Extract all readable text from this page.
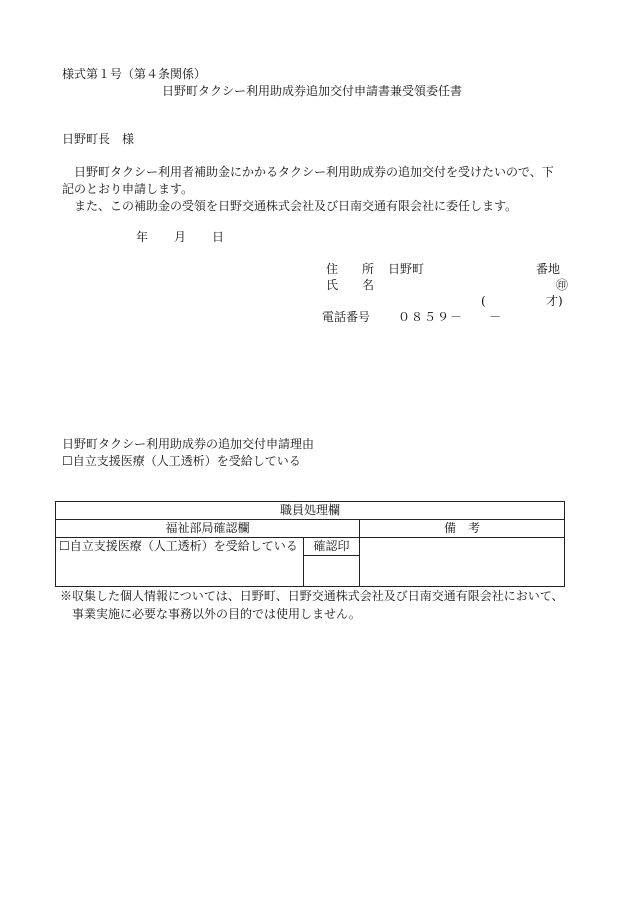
様式第１号（第４条関係）
日野町タクシー利用助成券追加交付申請書兼受領委任書
日野町長　様
日野町タクシー利用者補助金にかかるタクシー利用助成券の追加交付を受けたいので、下
記のとおり申請します。
また、この補助金の受領を日野交通株式会社及び日南交通有限会社に委任します。
年 月 日
住　　所 日野町	番地
氏　　名	㊞
(	才)
電話番号 ０８５９－　　－
日野町タクシー利用助成券の追加交付申請理由
☐自立支援医療（人工透析）を受給している
職員処理欄		
福祉部局確認欄		備　考
☐自立支援医療（人工透析）を受給している	確認印	

※収集した個人情報については、日野町、日野交通株式会社及び日南交通有限会社において、
事業実施に必要な事務以外の目的では使用しません。
